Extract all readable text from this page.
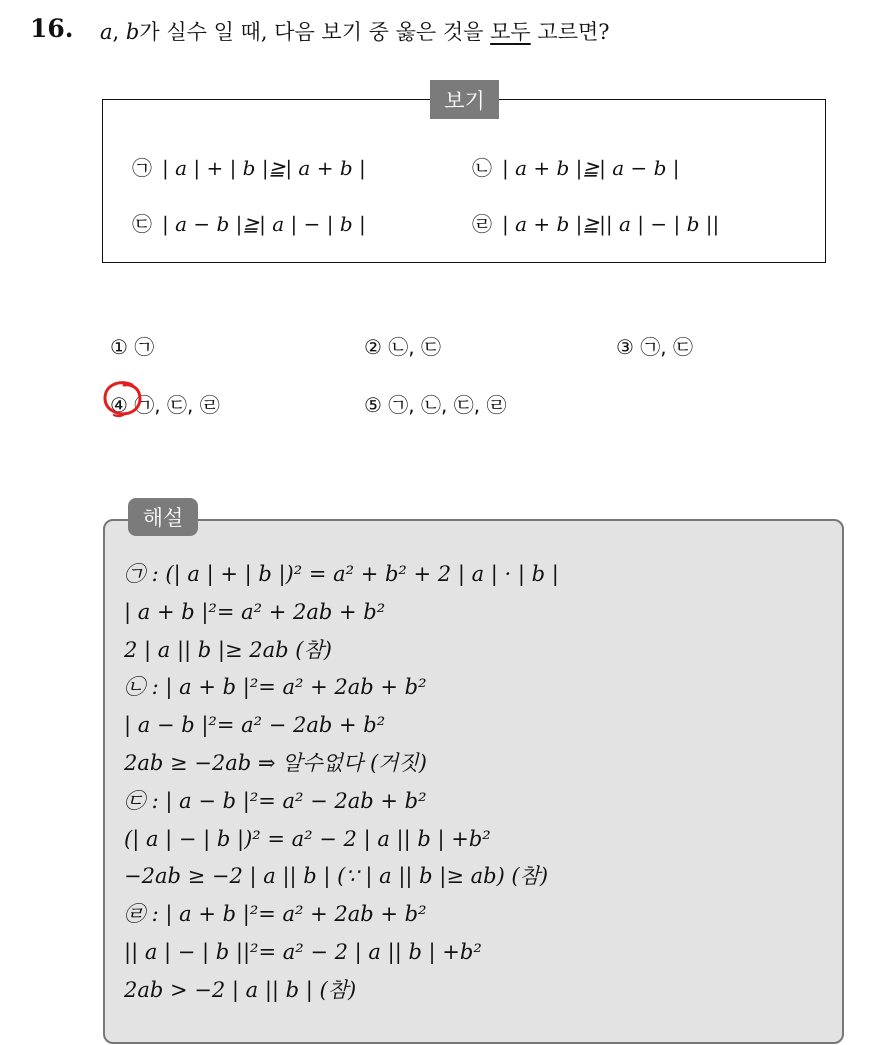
16. a, b가 실수 일 때, 다음 보기 중 옳은 것을 모두 고르면?
보기
㉠ | a | + | b |≧| a + b |	㉡ | a + b |≧| a − b |
㉢ | a − b |≧| a | − | b |	㉣ | a + b |≧|| a | − | b ||
① ㉠	② ㉡, ㉢	③ ㉠, ㉢
④ ㉠, ㉢, ㉣	⑤ ㉠, ㉡, ㉢, ㉣
해설
㉠ : (| a | + | b |)² = a² + b² + 2 | a | · | b |
| a + b |²= a² + 2ab + b²
2 | a || b |≥ 2ab (참)
㉡ : | a + b |²= a² + 2ab + b²
| a − b |²= a² − 2ab + b²
2ab ≥ −2ab ⇒ 알수없다 (거짓)
㉢ : | a − b |²= a² − 2ab + b²
(| a | − | b |)² = a² − 2 | a || b | +b²
−2ab ≥ −2 | a || b | (∵ | a || b |≥ ab) (참)
㉣ : | a + b |²= a² + 2ab + b²
|| a | − | b ||²= a² − 2 | a || b | +b²
2ab > −2 | a || b | (참)
